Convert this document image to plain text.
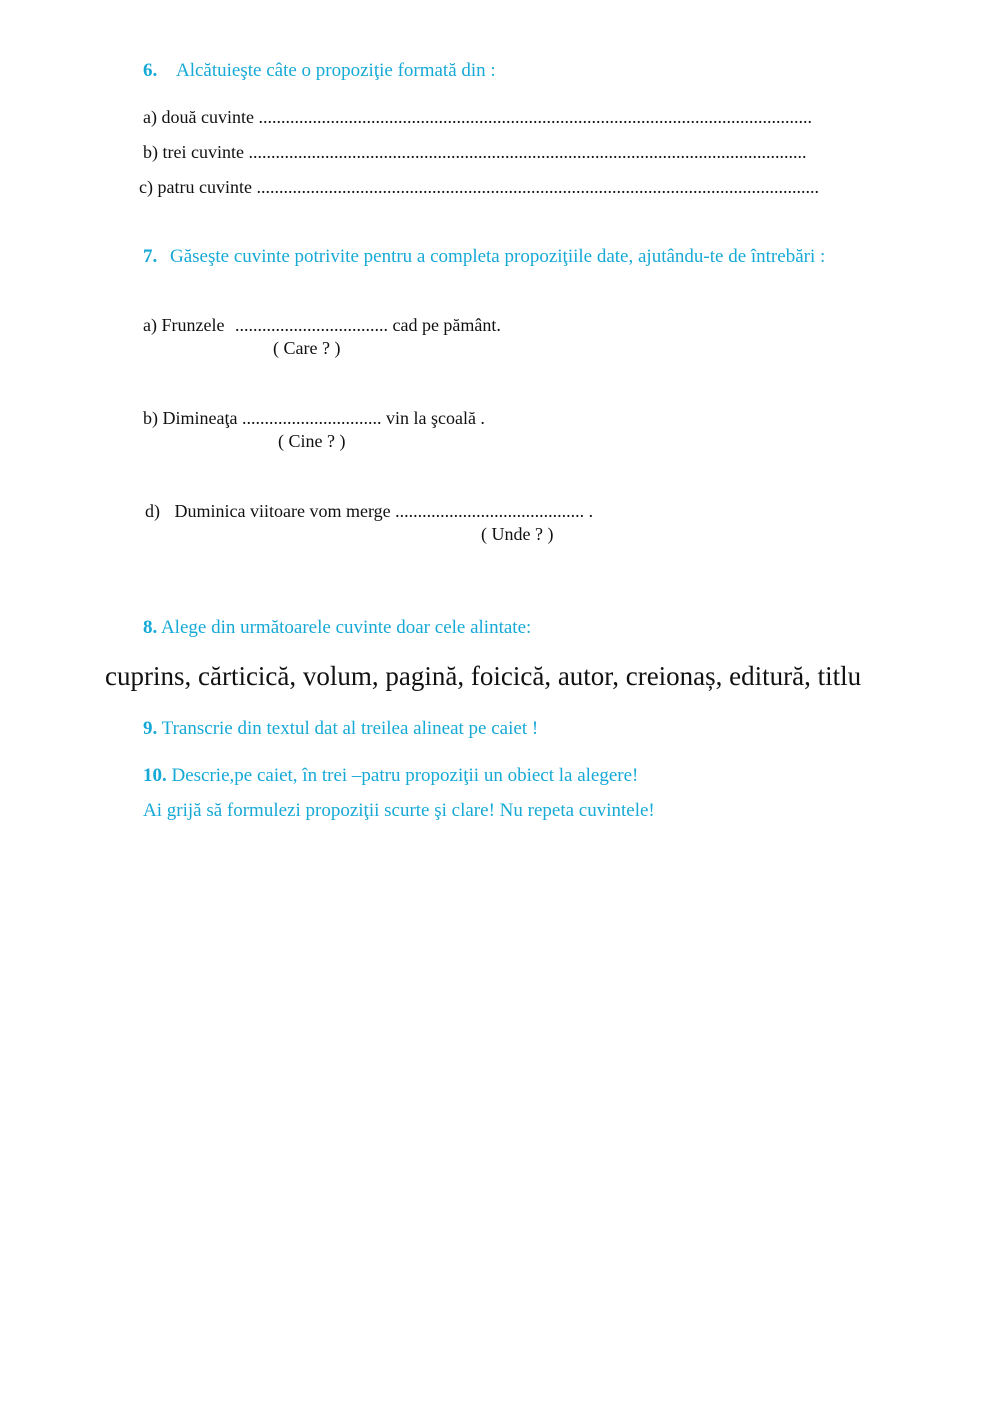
6. Alcătuieşte câte o propoziţie formată din :
a) două cuvinte ...........................................................................................................................
b) trei cuvinte ............................................................................................................................
c) patru cuvinte .............................................................................................................................
7. Găseşte cuvinte potrivite pentru a completa propoziţiile date, ajutându-te de întrebări :
a) Frunzele .................................. cad pe pământ.
( Care ? )
b) Dimineaţa ............................... vin la şcoală .
( Cine ? )
d) Duminica viitoare vom merge .......................................... .
( Unde ? )
8. Alege din următoarele cuvinte doar cele alintate:
cuprins, cărticică, volum, pagină, foicică, autor, creionaș, editură, titlu
9. Transcrie din textul dat al treilea alineat pe caiet !
10. Descrie,pe caiet, în trei –patru propoziţii un obiect la alegere!
Ai grijă să formulezi propoziţii scurte şi clare! Nu repeta cuvintele!
